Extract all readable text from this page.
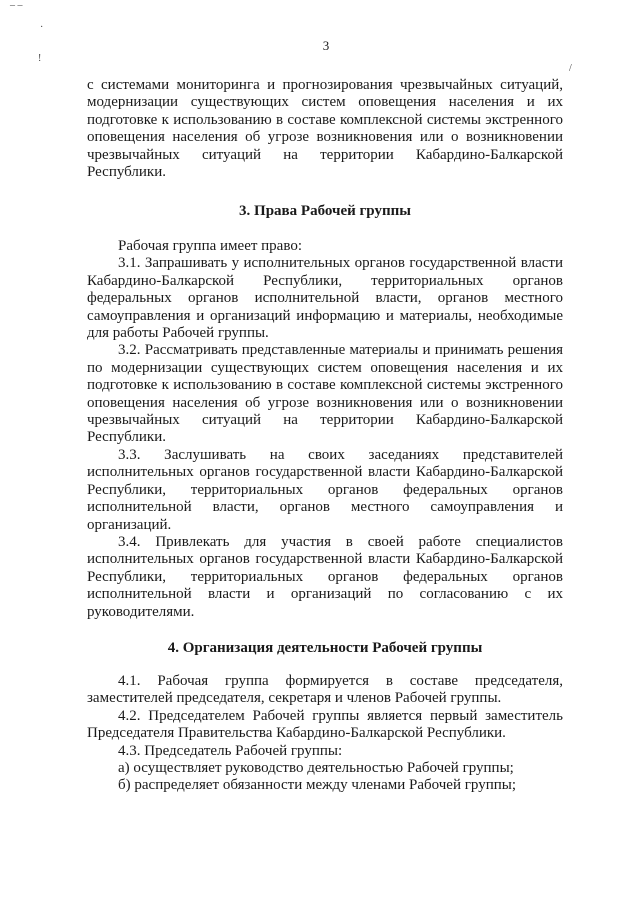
– –
·
ǃ
/
3

с системами мониторинга и прогнозирования чрезвычайных ситуаций, модернизации существующих систем оповещения населения и их подготовке к использованию в составе комплексной системы экстренного оповещения населения об угрозе возникновения или о возникновении чрезвычайных ситуаций на территории Кабардино-Балкарской Республики.

3. Права Рабочей группы

Рабочая группа имеет право:

3.1. Запрашивать у исполнительных органов государственной власти Кабардино-Балкарской Республики, территориальных органов федеральных органов исполнительной власти, органов местного самоуправления и организаций информацию и материалы, необходимые для работы Рабочей группы.

3.2. Рассматривать представленные материалы и принимать решения по модернизации существующих систем оповещения населения и их подготовке к использованию в составе комплексной системы экстренного оповещения населения об угрозе возникновения или о возникновении чрезвычайных ситуаций на территории Кабардино-Балкарской Республики.

3.3. Заслушивать на своих заседаниях представителей исполнительных органов государственной власти Кабардино-Балкарской Республики, территориальных органов федеральных органов исполнительной власти, органов местного самоуправления и организаций.

3.4. Привлекать для участия в своей работе специалистов исполнительных органов государственной власти Кабардино-Балкарской Республики, территориальных органов федеральных органов исполнительной власти и организаций по согласованию с их руководителями.

4. Организация деятельности Рабочей группы

4.1. Рабочая группа формируется в составе председателя, заместителей председателя, секретаря и членов Рабочей группы.

4.2. Председателем Рабочей группы является первый заместитель Председателя Правительства Кабардино-Балкарской Республики.

4.3. Председатель Рабочей группы:

а) осуществляет руководство деятельностью Рабочей группы;

б) распределяет обязанности между членами Рабочей группы;
